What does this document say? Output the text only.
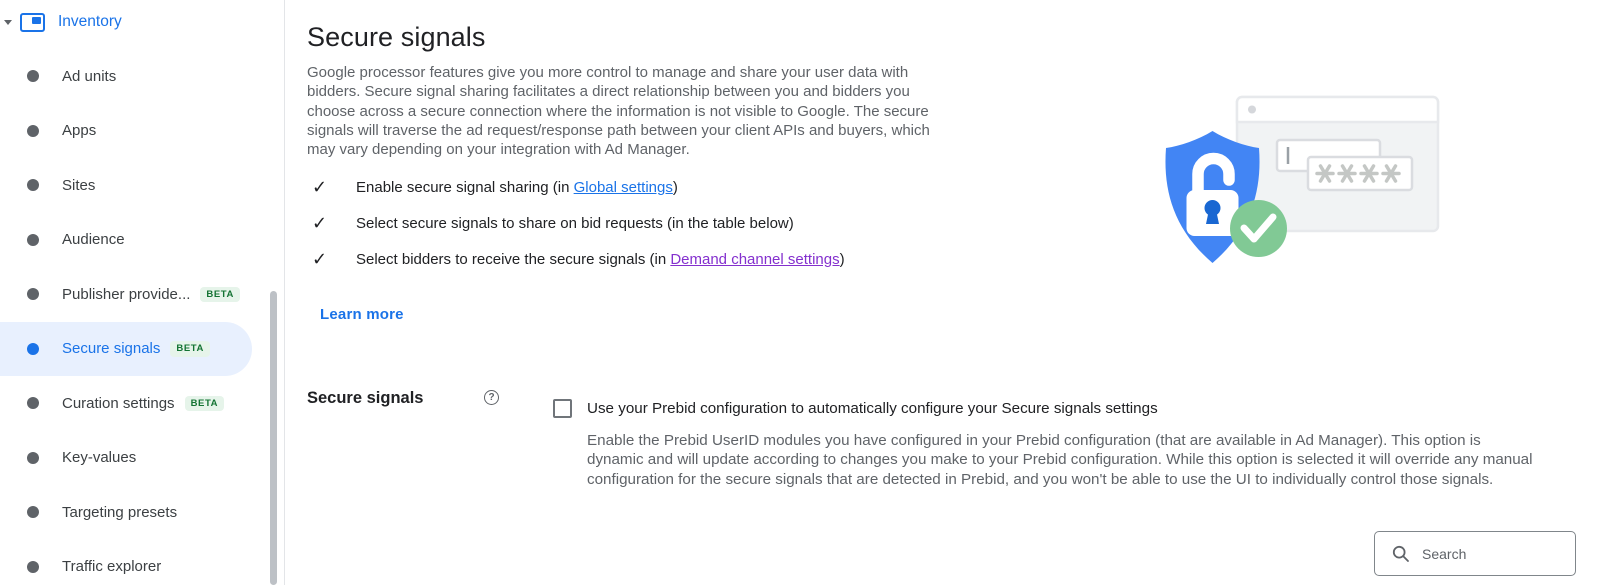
Inventory
Ad units
Apps
Sites
Audience
Publisher provide...	BETA
Secure signals	BETA
Curation settings	BETA
Key-values
Targeting presets
Traffic explorer
Secure signals

Google processor features give you more control to manage and share your user data with bidders. Secure signal sharing facilitates a direct relationship between you and bidders you choose across a secure connection where the information is not visible to Google. The secure signals will traverse the ad request/response path between your client APIs and buyers, which may vary depending on your integration with Ad Manager.

✓	Enable secure signal sharing (in Global settings)
✓	Select secure signals to share on bid requests (in the table below)
✓	Select bidders to receive the secure signals (in Demand channel settings)
Learn more
Secure signals	?
Use your Prebid configuration to automatically configure your Secure signals settings

Enable the Prebid UserID modules you have configured in your Prebid configuration (that are available in Ad Manager). This option is dynamic and will update according to changes you make to your Prebid configuration. While this option is selected it will override any manual configuration for the secure signals that are detected in Prebid, and you won't be able to use the UI to individually control those signals.

Search
